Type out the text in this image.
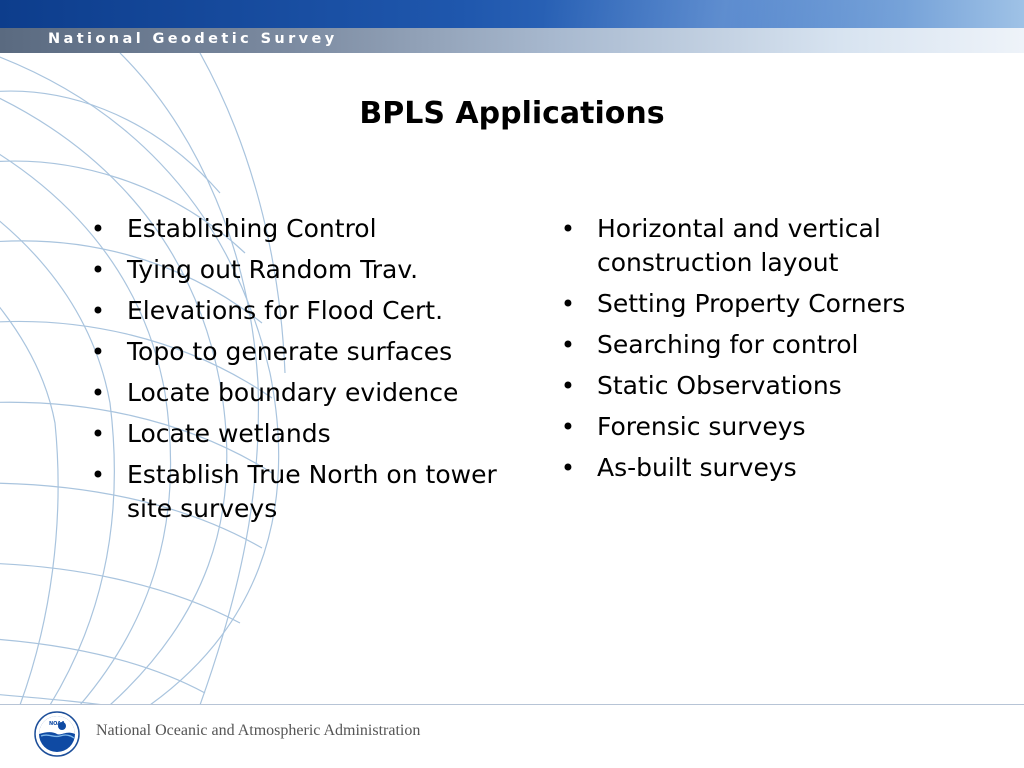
National Geodetic Survey
BPLS Applications
• Establishing Control
• Tying out Random Trav.
• Elevations for Flood Cert.
• Topo to generate surfaces
• Locate boundary evidence
• Locate wetlands
• Establish True North on tower site surveys
• Horizontal and vertical construction layout
• Setting Property Corners
• Searching for control
• Static Observations
• Forensic surveys
• As-built surveys
NOAA National Oceanic and Atmospheric Administration
